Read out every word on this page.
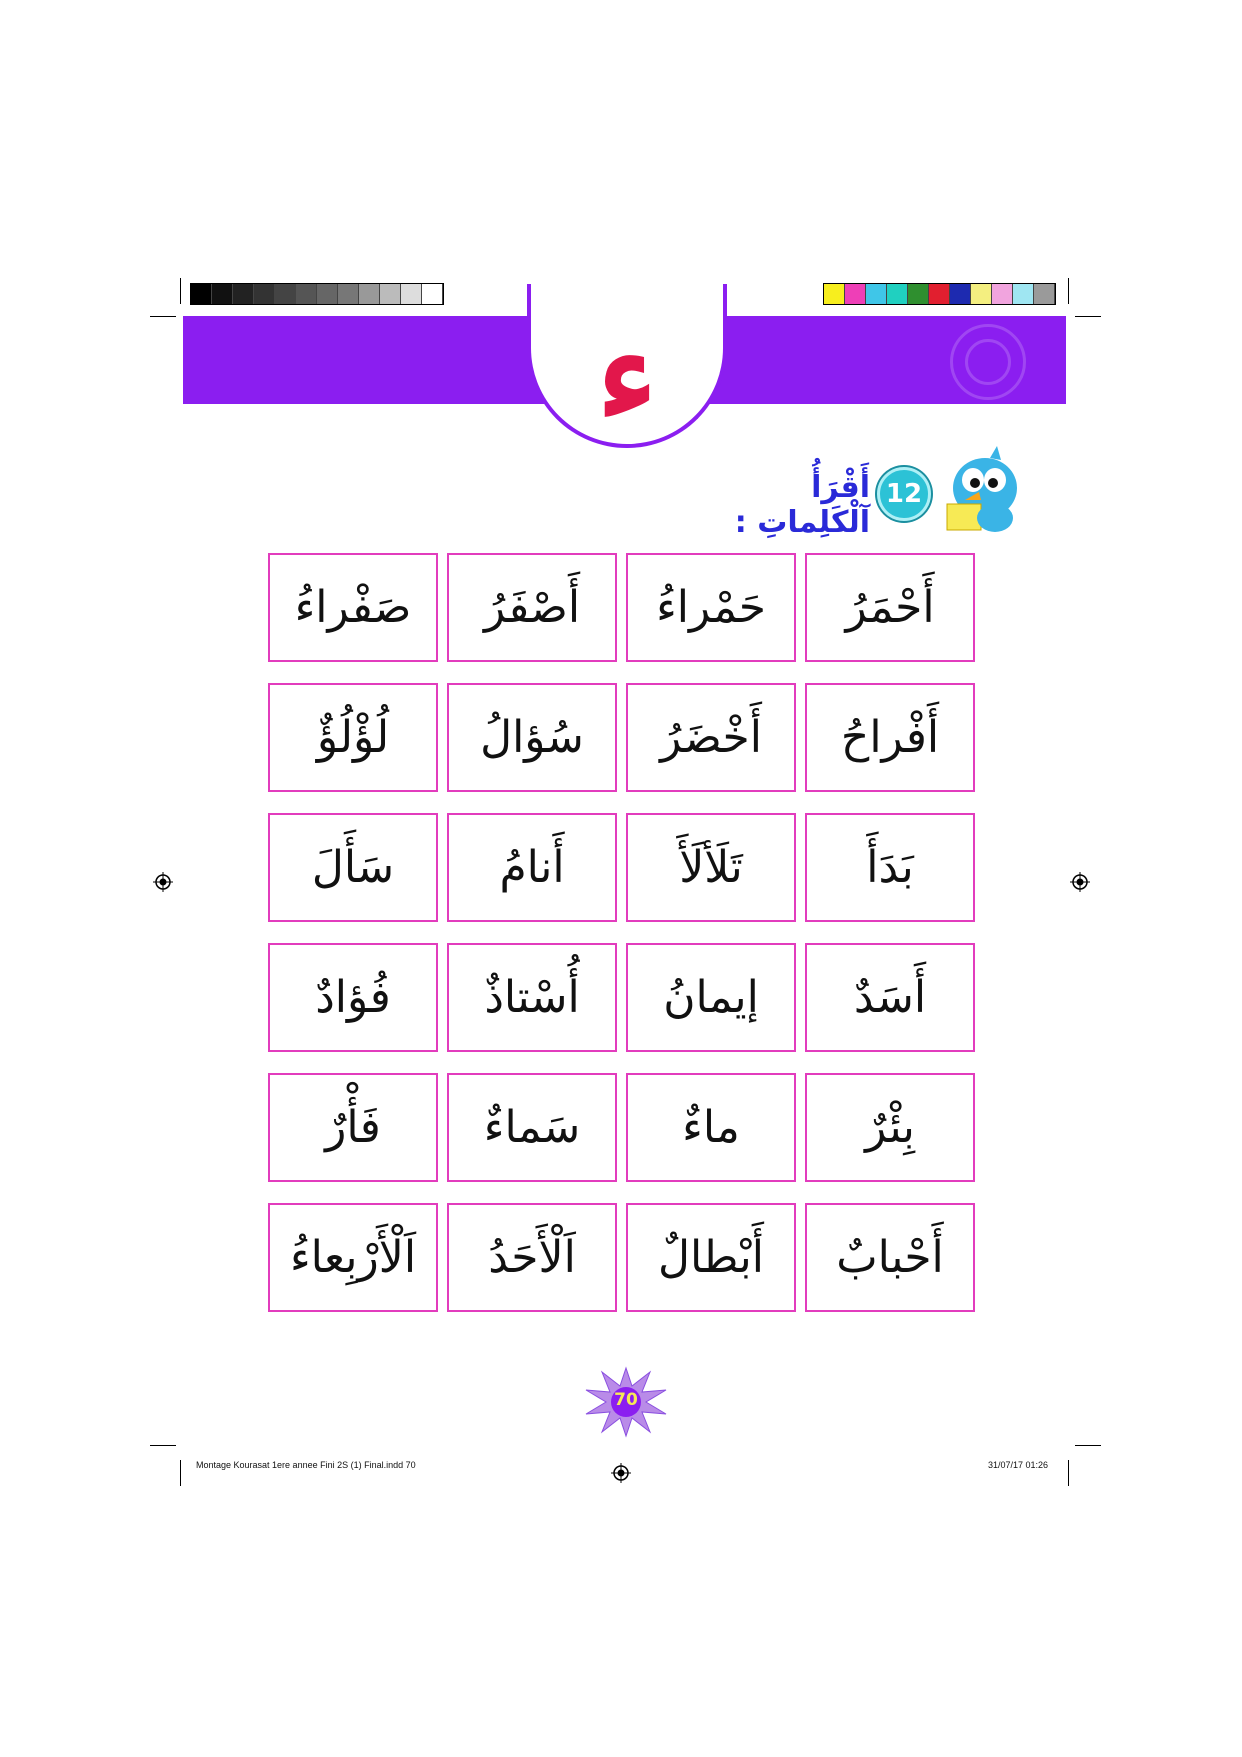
ء
12
أَقْرَأُ آلْكَلِماتِ :
أَحْمَرُ
حَمْراءُ
أَصْفَرُ
صَفْراءُ
أَفْراحُ
أَخْضَرُ
سُؤالُ
لُؤْلُؤٌ
بَدَأَ
تَلَألَأَ
أَنامُ
سَأَلَ
أَسَدٌ
إيمانُ
أُسْتاذٌ
فُؤادٌ
بِئْرٌ
ماءٌ
سَماءٌ
فَأْرٌ
أَحْبابٌ
أَبْطالٌ
اَلْأَحَدُ
اَلْأَرْبِعاءُ
70
Montage Kourasat 1ere annee Fini 2S (1) Final.indd 70	31/07/17 01:26
